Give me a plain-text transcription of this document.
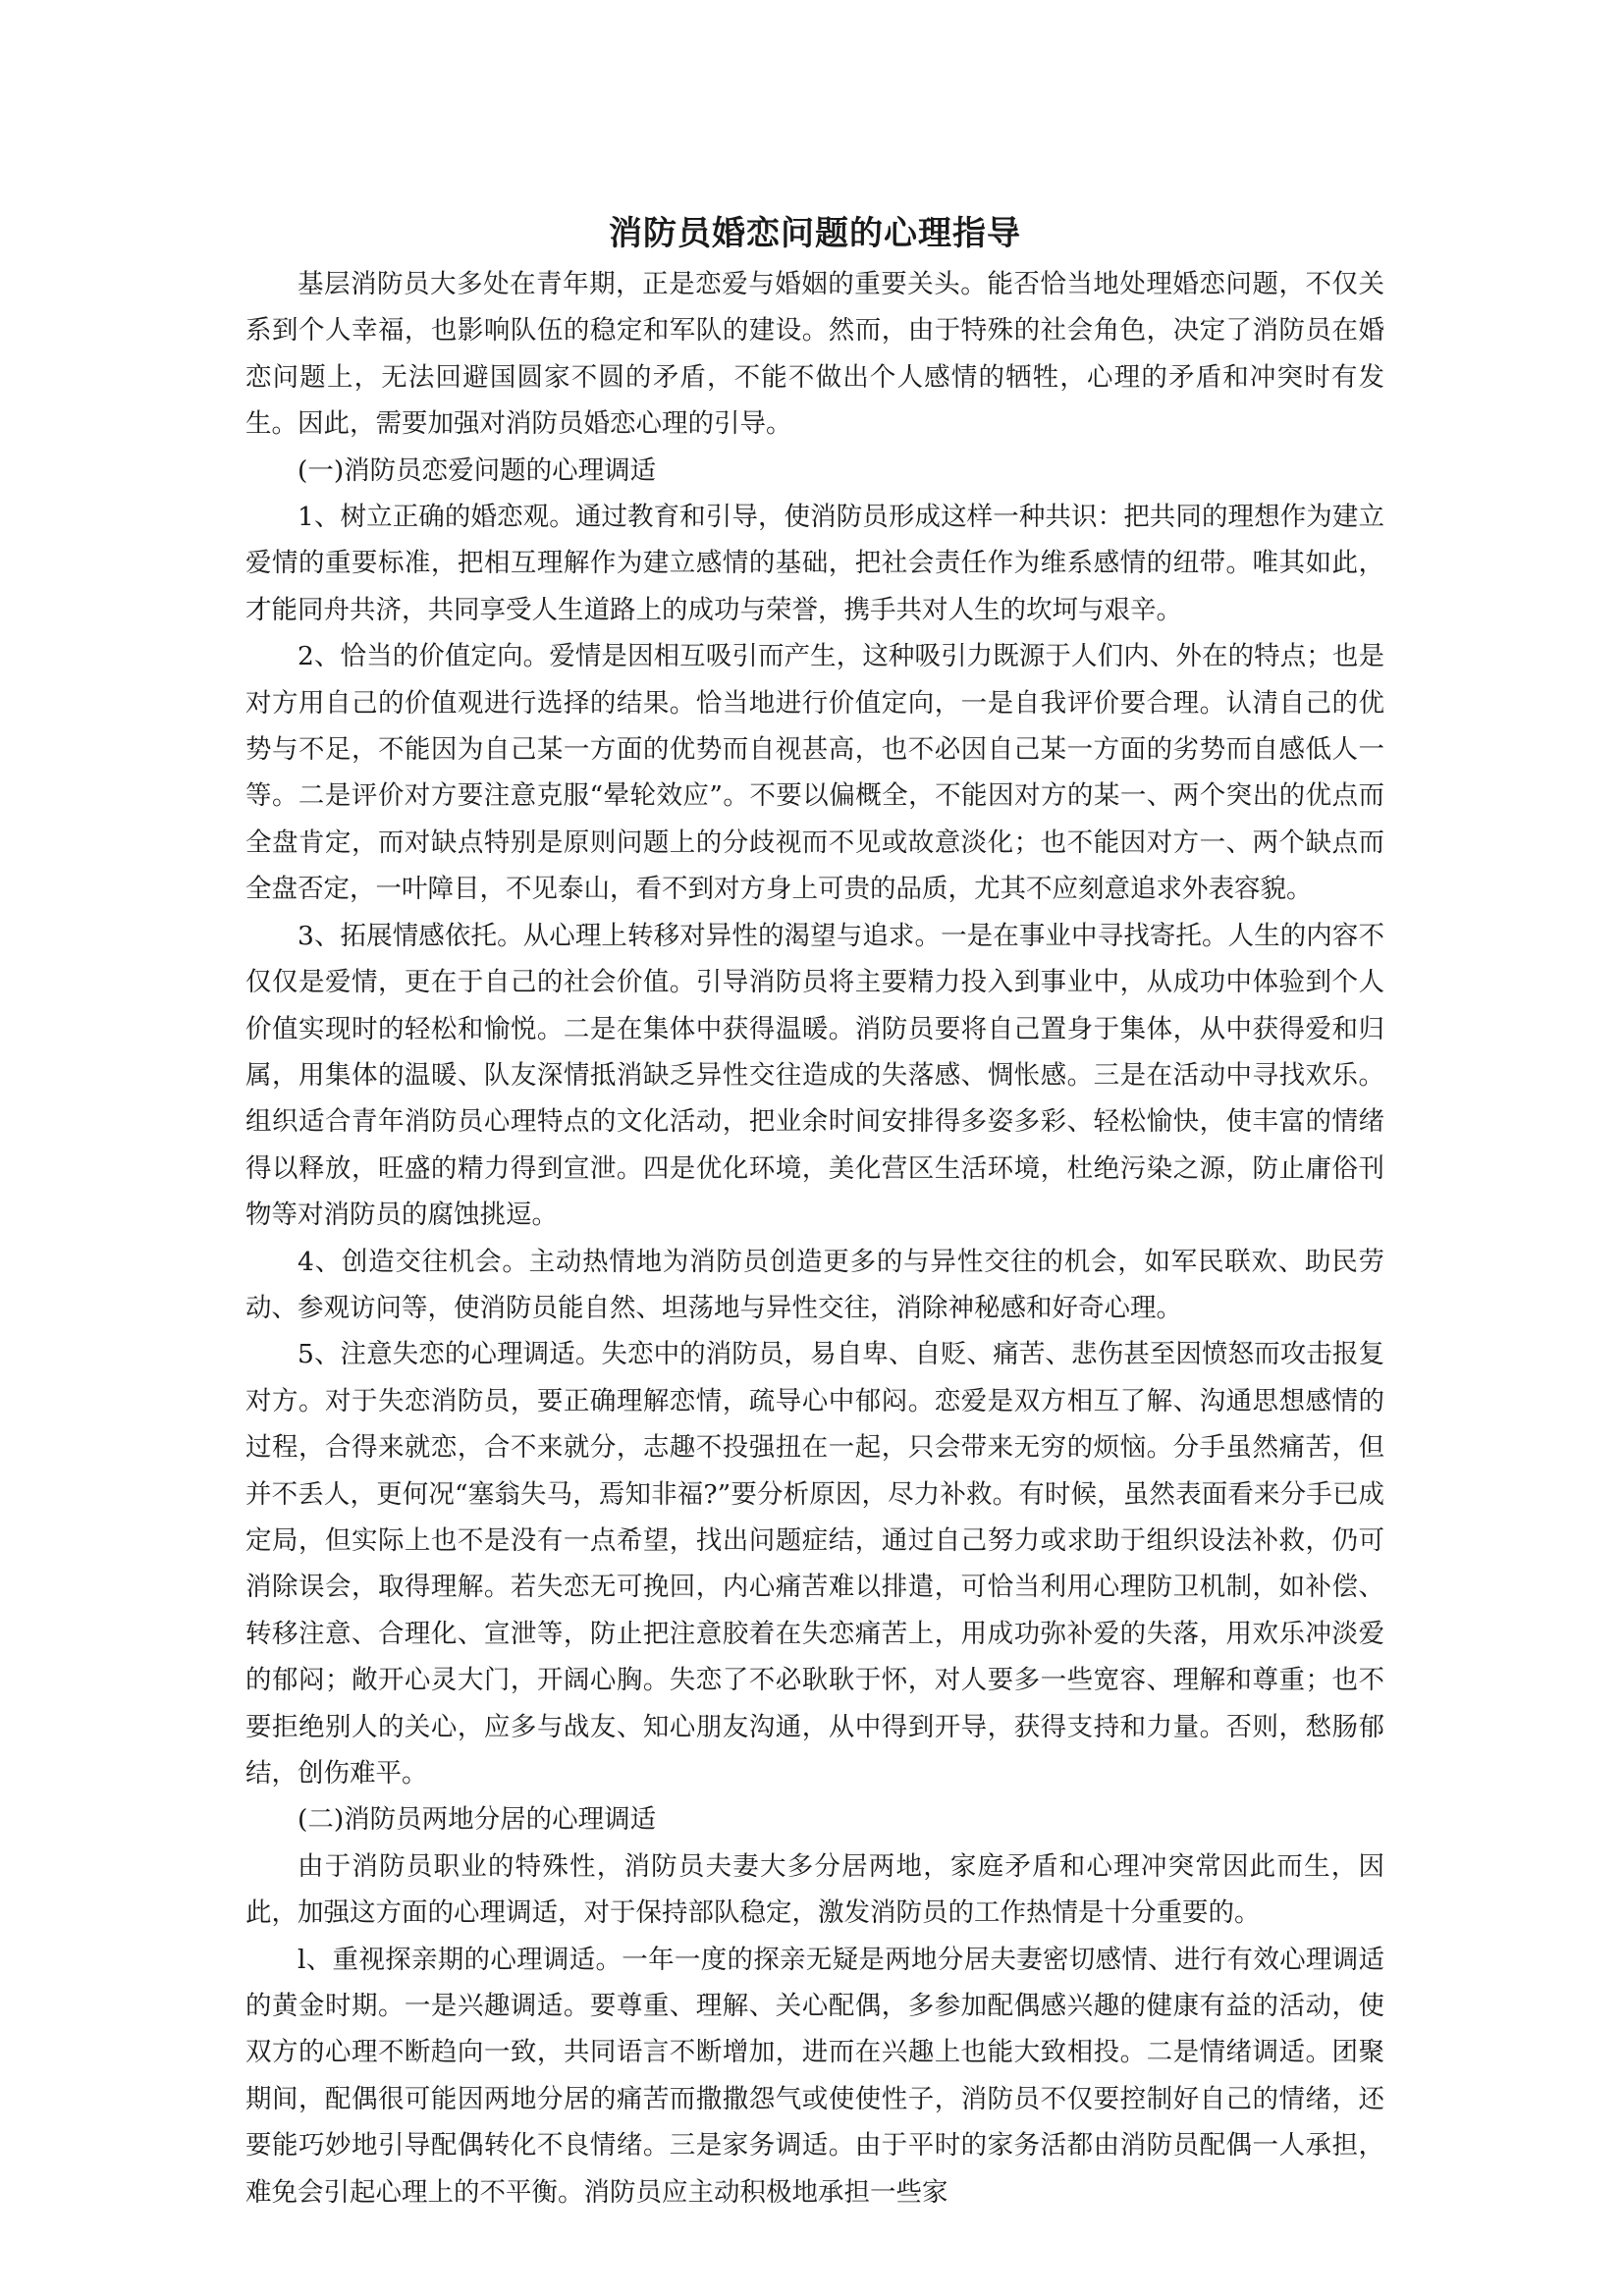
消防员婚恋问题的心理指导

基层消防员大多处在青年期，正是恋爱与婚姻的重要关头。能否恰当地处理婚恋问题，不仅关系到个人幸福，也影响队伍的稳定和军队的建设。然而，由于特殊的社会角色，决定了消防员在婚恋问题上，无法回避国圆家不圆的矛盾，不能不做出个人感情的牺牲，心理的矛盾和冲突时有发生。因此，需要加强对消防员婚恋心理的引导。

(一)消防员恋爱问题的心理调适

1、树立正确的婚恋观。通过教育和引导，使消防员形成这样一种共识：把共同的理想作为建立爱情的重要标准，把相互理解作为建立感情的基础，把社会责任作为维系感情的纽带。唯其如此，才能同舟共济，共同享受人生道路上的成功与荣誉，携手共对人生的坎坷与艰辛。

2、恰当的价值定向。爱情是因相互吸引而产生，这种吸引力既源于人们内、外在的特点；也是对方用自己的价值观进行选择的结果。恰当地进行价值定向，一是自我评价要合理。认清自己的优势与不足，不能因为自己某一方面的优势而自视甚高，也不必因自己某一方面的劣势而自感低人一等。二是评价对方要注意克服“晕轮效应”。不要以偏概全，不能因对方的某一、两个突出的优点而全盘肯定，而对缺点特别是原则问题上的分歧视而不见或故意淡化；也不能因对方一、两个缺点而全盘否定，一叶障目，不见泰山，看不到对方身上可贵的品质，尤其不应刻意追求外表容貌。

3、拓展情感依托。从心理上转移对异性的渴望与追求。一是在事业中寻找寄托。人生的内容不仅仅是爱情，更在于自己的社会价值。引导消防员将主要精力投入到事业中，从成功中体验到个人价值实现时的轻松和愉悦。二是在集体中获得温暖。消防员要将自己置身于集体，从中获得爱和归属，用集体的温暖、队友深情抵消缺乏异性交往造成的失落感、惆怅感。三是在活动中寻找欢乐。组织适合青年消防员心理特点的文化活动，把业余时间安排得多姿多彩、轻松愉快，使丰富的情绪得以释放，旺盛的精力得到宣泄。四是优化环境，美化营区生活环境，杜绝污染之源，防止庸俗刊物等对消防员的腐蚀挑逗。

4、创造交往机会。主动热情地为消防员创造更多的与异性交往的机会，如军民联欢、助民劳动、参观访问等，使消防员能自然、坦荡地与异性交往，消除神秘感和好奇心理。

5、注意失恋的心理调适。失恋中的消防员，易自卑、自贬、痛苦、悲伤甚至因愤怒而攻击报复对方。对于失恋消防员，要正确理解恋情，疏导心中郁闷。恋爱是双方相互了解、沟通思想感情的过程，合得来就恋，合不来就分，志趣不投强扭在一起，只会带来无穷的烦恼。分手虽然痛苦，但并不丢人，更何况“塞翁失马，焉知非福?”要分析原因，尽力补救。有时候，虽然表面看来分手已成定局，但实际上也不是没有一点希望，找出问题症结，通过自己努力或求助于组织设法补救，仍可消除误会，取得理解。若失恋无可挽回，内心痛苦难以排遣，可恰当利用心理防卫机制，如补偿、转移注意、合理化、宣泄等，防止把注意胶着在失恋痛苦上，用成功弥补爱的失落，用欢乐冲淡爱的郁闷；敞开心灵大门，开阔心胸。失恋了不必耿耿于怀，对人要多一些宽容、理解和尊重；也不要拒绝别人的关心，应多与战友、知心朋友沟通，从中得到开导，获得支持和力量。否则，愁肠郁结，创伤难平。

(二)消防员两地分居的心理调适

由于消防员职业的特殊性，消防员夫妻大多分居两地，家庭矛盾和心理冲突常因此而生，因此，加强这方面的心理调适，对于保持部队稳定，激发消防员的工作热情是十分重要的。

l、重视探亲期的心理调适。一年一度的探亲无疑是两地分居夫妻密切感情、进行有效心理调适的黄金时期。一是兴趣调适。要尊重、理解、关心配偶，多参加配偶感兴趣的健康有益的活动，使双方的心理不断趋向一致，共同语言不断增加，进而在兴趣上也能大致相投。二是情绪调适。团聚期间，配偶很可能因两地分居的痛苦而撒撒怨气或使使性子，消防员不仅要控制好自己的情绪，还要能巧妙地引导配偶转化不良情绪。三是家务调适。由于平时的家务活都由消防员配偶一人承担，难免会引起心理上的不平衡。消防员应主动积极地承担一些家
